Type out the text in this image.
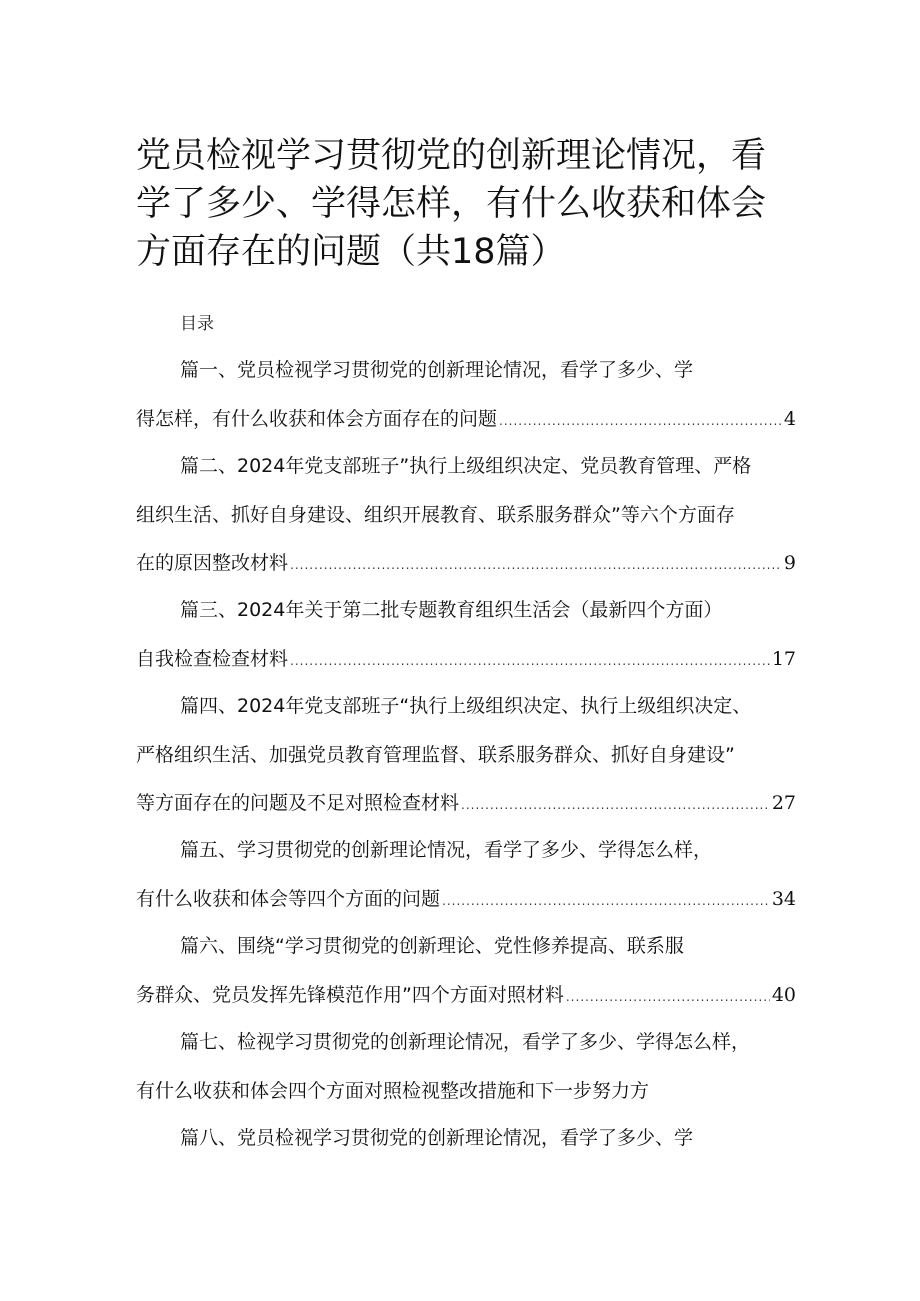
党员检视学习贯彻党的创新理论情况，看学了多少、学得怎样，有什么收获和体会方面存在的问题（共18篇）
目录
篇一、党员检视学习贯彻党的创新理论情况，看学了多少、学
得怎样，有什么收获和体会方面存在的问题 .....	4
篇二、2024年党支部班子”执行上级组织决定、党员教育管理、严格
组织生活、抓好自身建设、组织开展教育、联系服务群众”等六个方面存
在的原因整改材料 .....	9
篇三、2024年关于第二批专题教育组织生活会（最新四个方面）
自我检查检查材料 .....	17
篇四、2024年党支部班子“执行上级组织决定、执行上级组织决定、
严格组织生活、加强党员教育管理监督、联系服务群众、抓好自身建设”
等方面存在的问题及不足对照检查材料 .....	27
篇五、学习贯彻党的创新理论情况，看学了多少、学得怎么样，
有什么收获和体会等四个方面的问题 .....	34
篇六、围绕“学习贯彻党的创新理论、党性修养提高、联系服
务群众、党员发挥先锋模范作用”四个方面对照材料 .....	40
篇七、检视学习贯彻党的创新理论情况，看学了多少、学得怎么样，
有什么收获和体会四个方面对照检视整改措施和下一步努力方
篇八、党员检视学习贯彻党的创新理论情况，看学了多少、学
